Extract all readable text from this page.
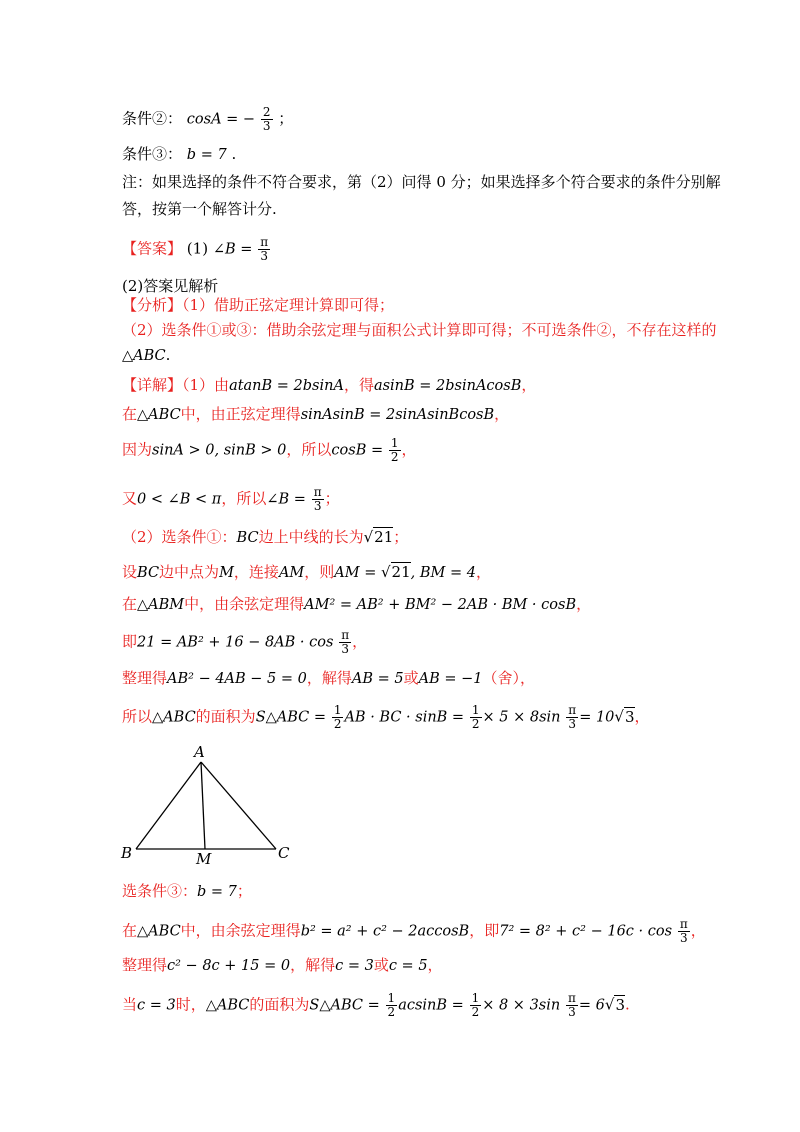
条件②： cosA = − $\frac{2}{3}$ ；
条件③： b = 7 .
注：如果选择的条件不符合要求，第（2）问得 0 分；如果选择多个符合要求的条件分别解
答，按第一个解答计分.
【答案】 (1) ∠B = $\frac{\pi}{3}$
(2)答案见解析
【分析】（1）借助正弦定理计算即可得；
（2）选条件①或③：借助余弦定理与面积公式计算即可得；不可选条件②，不存在这样的
△ABC.
【详解】（1）由atanB = 2bsinA，得asinB = 2bsinAcosB，
在△ABC中，由正弦定理得sinAsinB = 2sinAsinBcosB，
因为sinA > 0, sinB > 0，所以$\cos B = \frac{1}{2}$ ，
又0 < ∠B < π，所以∠B = $\frac{\pi}{3}$ ；
（2）选条件①：BC边上中线的长为√21；
设BC边中点为M，连接AM，则AM = √21, BM = 4，
在△ABM中，由余弦定理得AM² = AB² + BM² − 2AB · BM · cosB，
即$21 = AB^2 + 16 - 8AB \cdot \cos \frac{\pi}{3}$ ，
整理得AB² − 4AB − 5 = 0，解得AB = 5或AB = −1（舍），
所以△ABC的面积为S△ABC = $\frac{1}{2}$ AB · BC · $\sin B = \frac{1}{2} \times 5 \times 8\sin \frac{\pi}{3} = 10√3$，
A
B	C
M
选条件③：b = 7；
在△ABC中，由余弦定理得b² = a² + c² − 2accosB，即$7^2 = 8^2 + c^2 - 16c \cdot \cos \frac{\pi}{3}$ ，
整理得c² − 8c + 15 = 0，解得c = 3或c = 5，
当c = 3时，△ABC的面积为S△ABC = $\frac{1}{2}$ $acsinB = \frac{1}{2} \times 8 \times 3\sin \frac{\pi}{3} = 6√3$.
